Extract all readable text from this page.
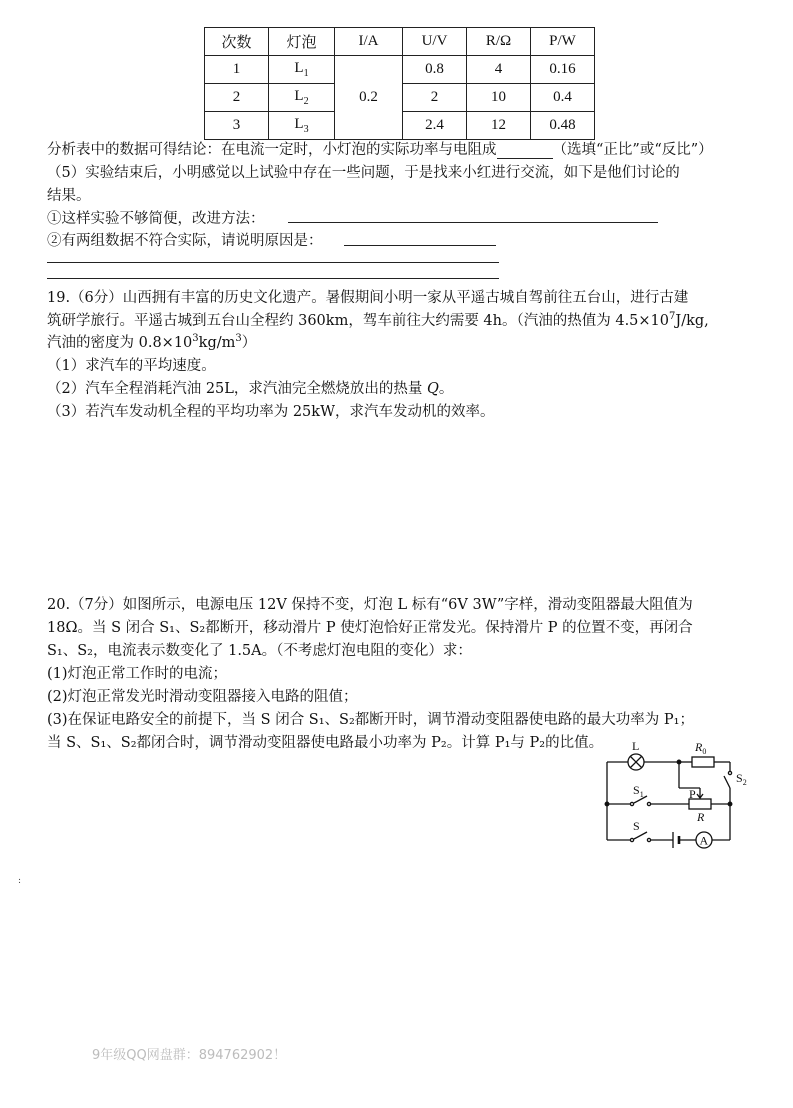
次数	灯泡	I/A	U/V	R/Ω	P/W
1	$L_1$	0.2	0.8	4	0.16
2	$L_2$		2	10	0.4
3	$L_3$		2.4	12	0.48
分析表中的数据可得结论：在电流一定时，小灯泡的实际功率与电阻成	（选填“正比”或“反比”）
（5）实验结束后，小明感觉以上试验中存在一些问题，于是找来小红进行交流，如下是他们讨论的
结果。
①这样实验不够简便，改进方法：
②有两组数据不符合实际，请说明原因是：
19.（6分）山西拥有丰富的历史文化遗产。暑假期间小明一家从平遥古城自驾前往五台山，进行古建
筑研学旅行。平遥古城到五台山全程约 360km，驾车前往大约需要 4h。（汽油的热值为 $4.5\times 10^7J/kg$,
汽油的密度为 $0.8\times 10^3kg/m^3$）
（1）求汽车的平均速度。
（2）汽车全程消耗汽油 25L，求汽油完全燃烧放出的热量 Q。
（3）若汽车发动机全程的平均功率为 25kW，求汽车发动机的效率。
20.（7分）如图所示，电源电压 12V 保持不变，灯泡 L 标有“6V 3W”字样，滑动变阻器最大阻值为
18Ω。当 S 闭合 S₁、S₂都断开，移动滑片 P 使灯泡恰好正常发光。保持滑片 P 的位置不变，再闭合
S₁、S₂，电流表示数变化了 1.5A。（不考虑灯泡电阻的变化）求：
(1)灯泡正常工作时的电流；
(2)灯泡正常发光时滑动变阻器接入电路的阻值；
(3)在保证电路安全的前提下，当 S 闭合 S₁、S₂都断开时，调节滑动变阻器使电路的最大功率为 P₁；
当 S、S₁、S₂都闭合时，调节滑动变阻器使电路最小功率为 P₂。计算 P₁与 P₂的比值。 L	$R_0$
$S_2$
$S_1$	P
R
S
A
:
9年级QQ网盘群：894762902！
